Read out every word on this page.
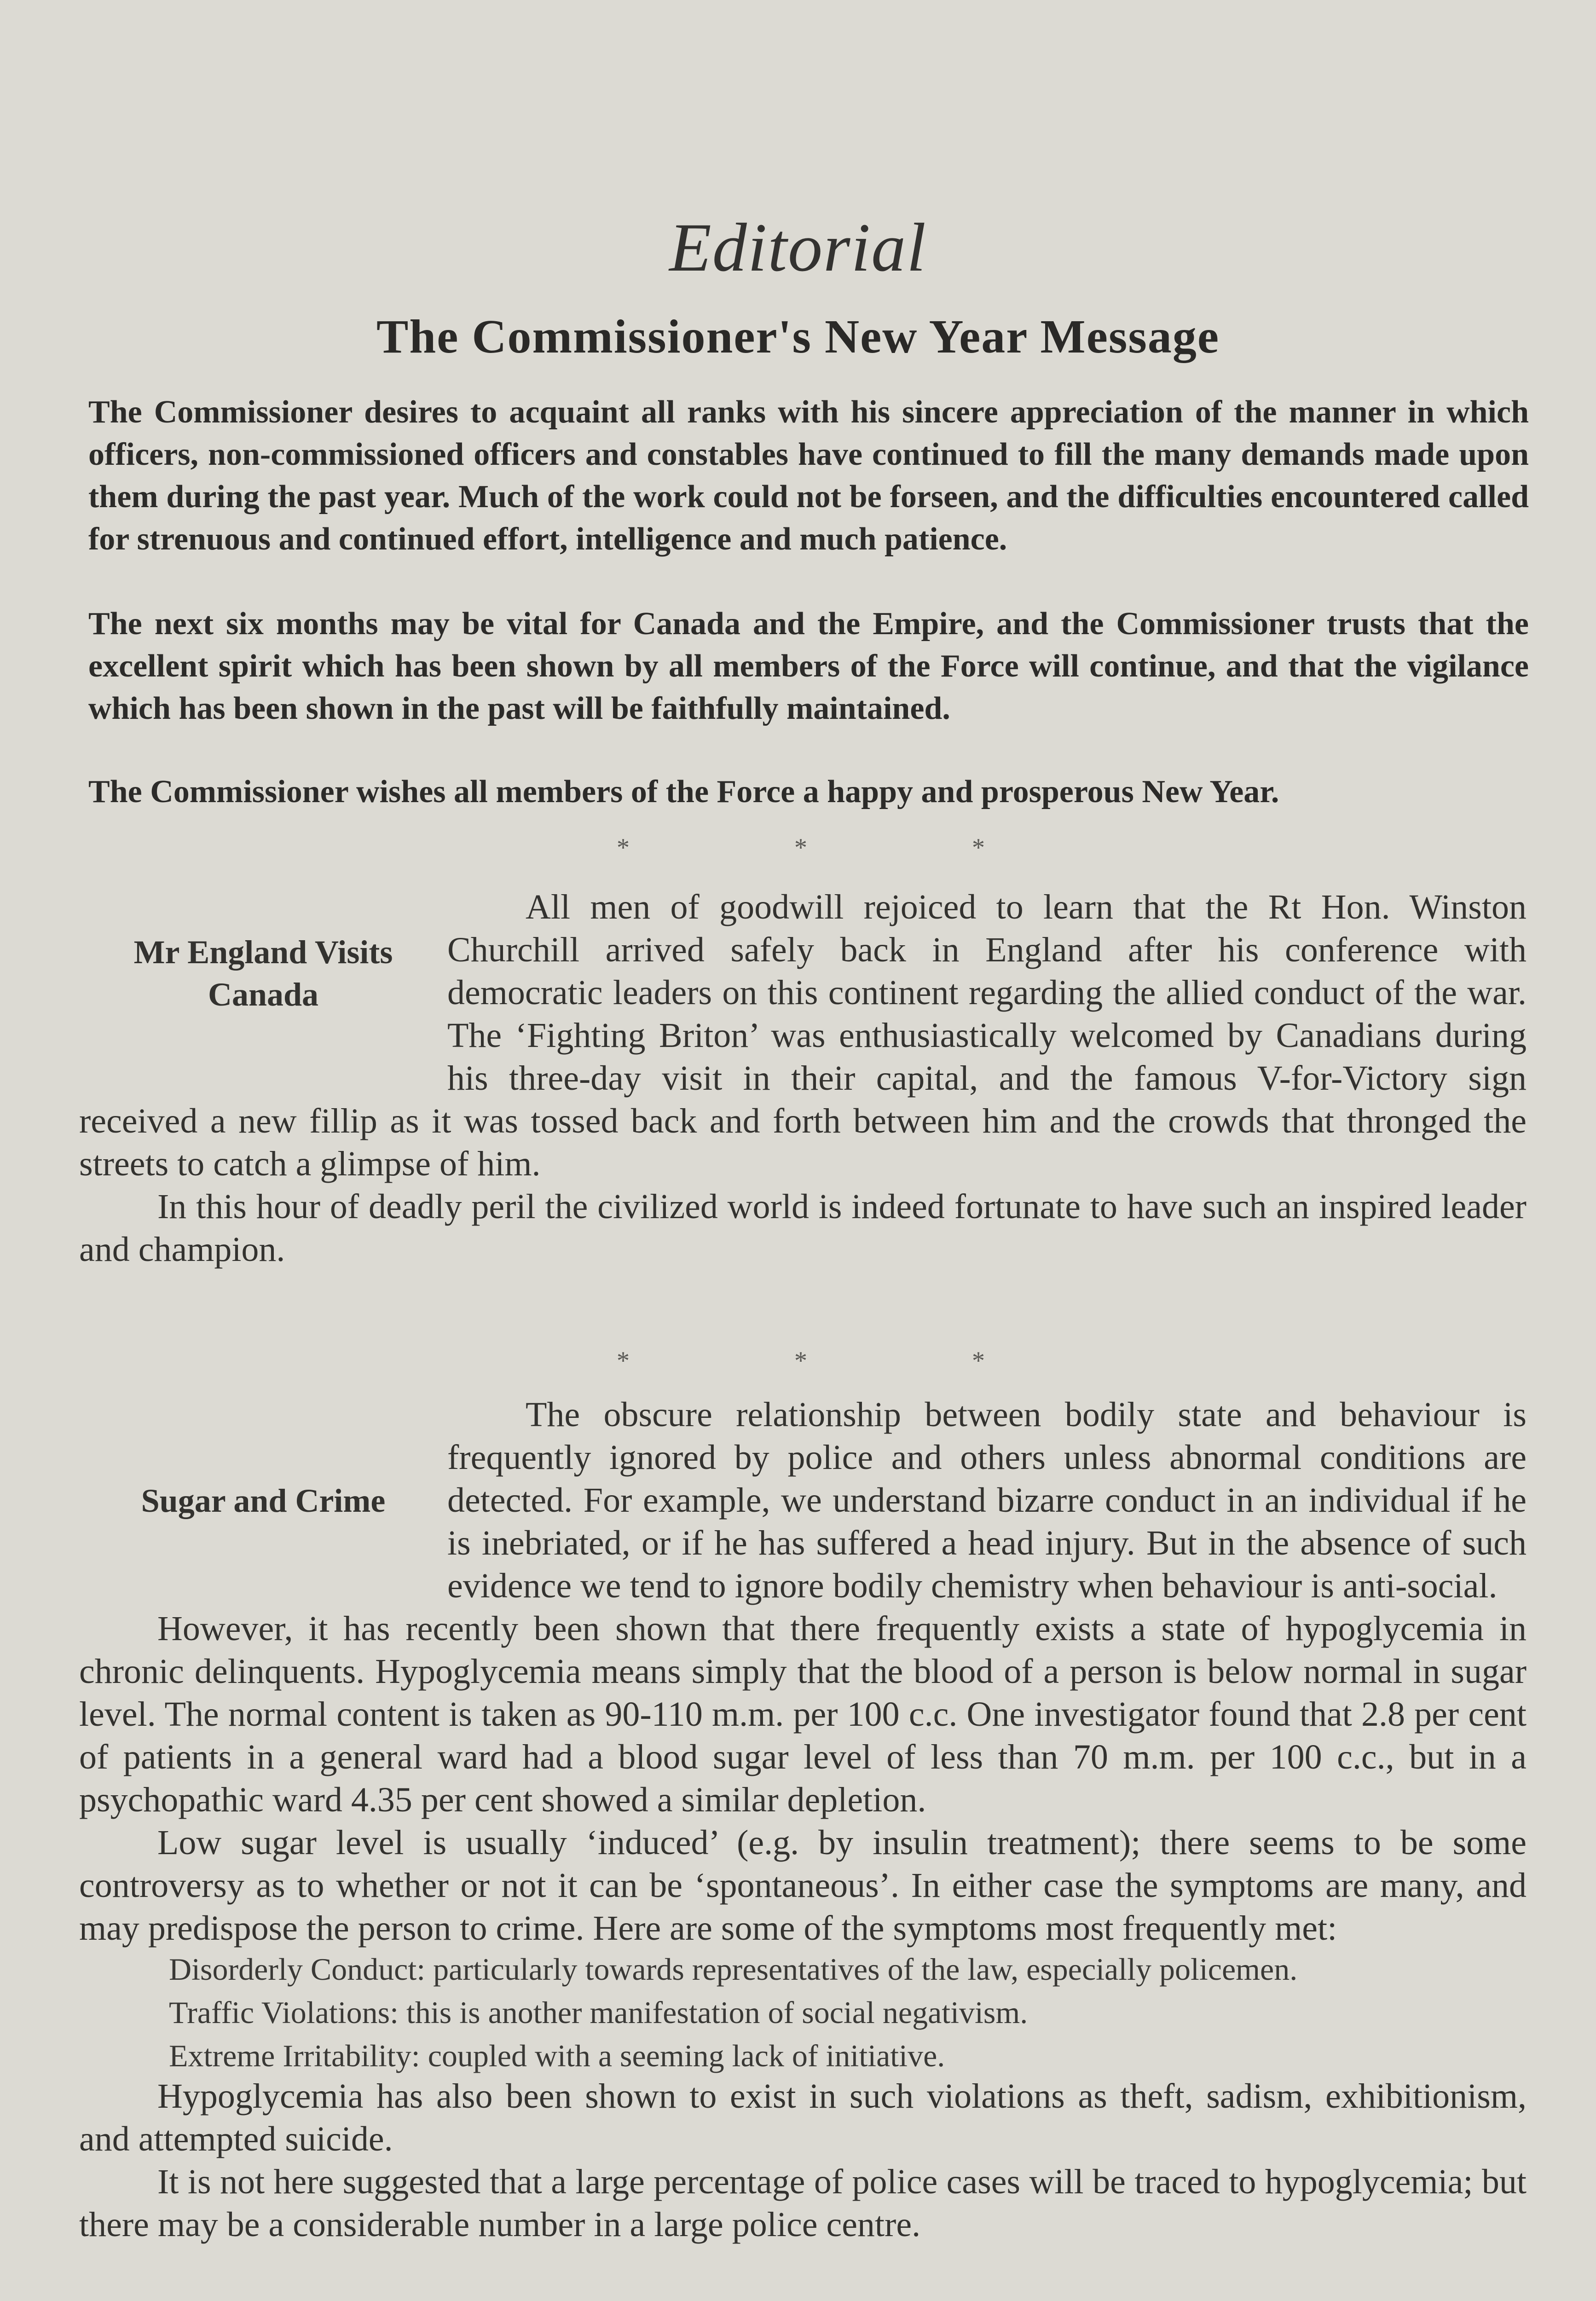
Editorial
The Commissioner's New Year Message
The Commissioner desires to acquaint all ranks with his sincere appreciation of the manner in which officers, non-commissioned officers and constables have continued to fill the many demands made upon them during the past year. Much of the work could not be forseen, and the difficulties encountered called for strenuous and continued effort, intelligence and much patience.
The next six months may be vital for Canada and the Empire, and the Commissioner trusts that the excellent spirit which has been shown by all members of the Force will continue, and that the vigilance which has been shown in the past will be faithfully maintained.
The Commissioner wishes all members of the Force a happy and prosperous New Year.
*	*	*
Mr England Visits Canada

All men of goodwill rejoiced to learn that the Rt Hon. Winston Churchill arrived safely back in England after his conference with democratic leaders on this continent regarding the allied conduct of the war. The ‘Fighting Briton’ was enthusiastically welcomed by Canadians during his three-day visit in their capital, and the famous V-for-Victory sign received a new fillip as it was tossed back and forth between him and the crowds that thronged the streets to catch a glimpse of him.

In this hour of deadly peril the civilized world is indeed fortunate to have such an inspired leader and champion.

*	*	*
Sugar and Crime

The obscure relationship between bodily state and behaviour is frequently ignored by police and others unless abnormal conditions are detected. For example, we understand bizarre conduct in an individual if he is inebriated, or if he has suffered a head injury. But in the absence of such evidence we tend to ignore bodily chemistry when behaviour is anti-social.

However, it has recently been shown that there frequently exists a state of hypoglycemia in chronic delinquents. Hypoglycemia means simply that the blood of a person is below normal in sugar level. The normal content is taken as 90-110 m.m. per 100 c.c. One investigator found that 2.8 per cent of patients in a general ward had a blood sugar level of less than 70 m.m. per 100 c.c., but in a psychopathic ward 4.35 per cent showed a similar depletion.

Low sugar level is usually ‘induced’ (e.g. by insulin treatment); there seems to be some controversy as to whether or not it can be ‘spontaneous’. In either case the symptoms are many, and may predispose the person to crime. Here are some of the symptoms most frequently met:

Disorderly Conduct: particularly towards representatives of the law, especially policemen.

Traffic Violations: this is another manifestation of social negativism.

Extreme Irritability: coupled with a seeming lack of initiative.

Hypoglycemia has also been shown to exist in such violations as theft, sadism, exhibitionism, and attempted suicide.

It is not here suggested that a large percentage of police cases will be traced to hypoglycemia; but there may be a considerable number in a large police centre.
